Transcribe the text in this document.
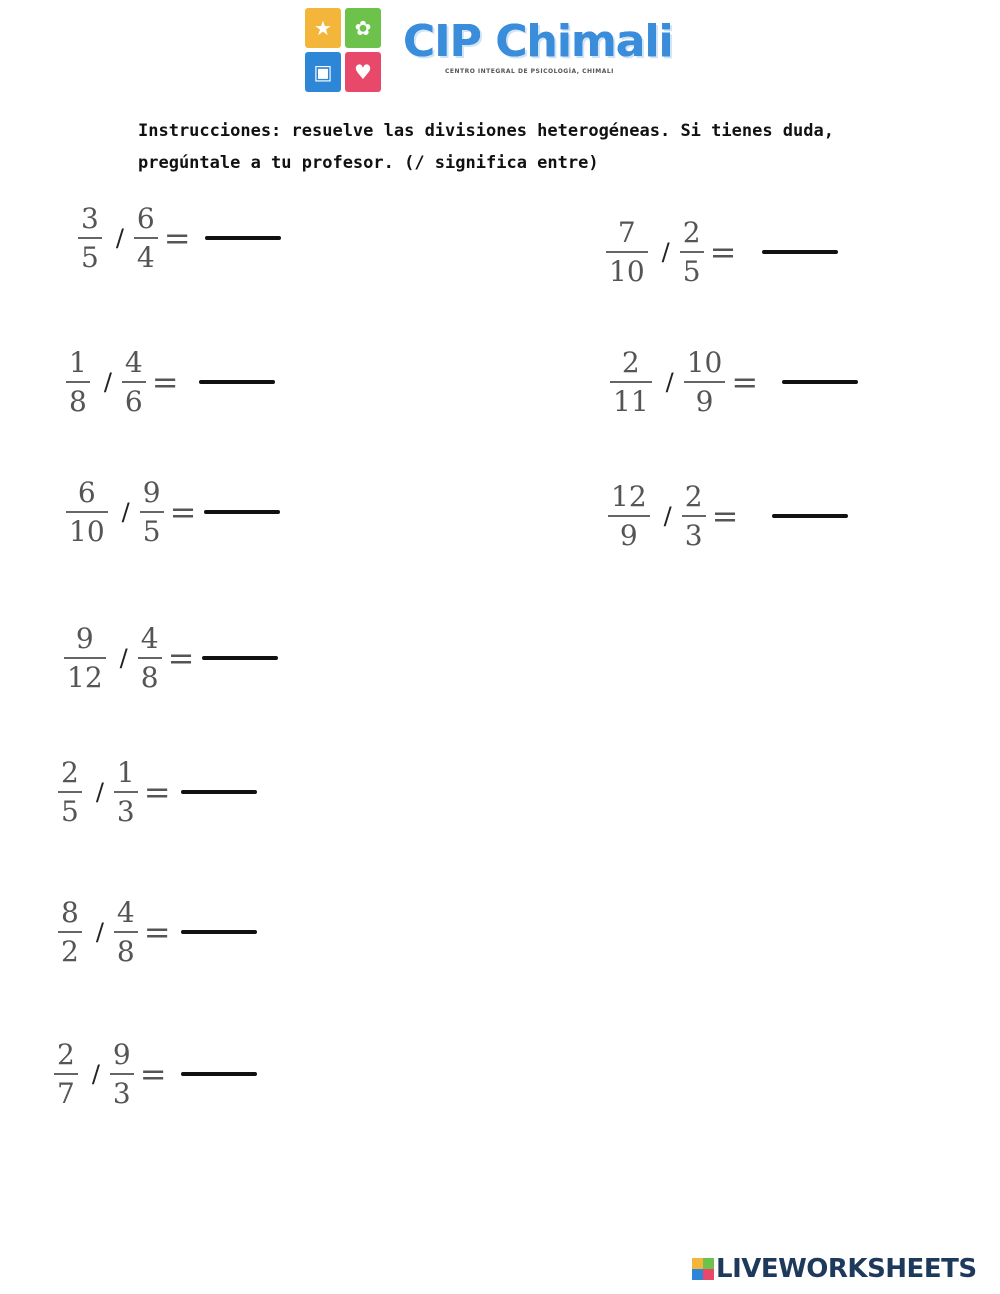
★	✿
▣	♥
CIP Chimali
CENTRO INTEGRAL DE PSICOLOGÍA, CHIMALI
Instrucciones: resuelve las divisiones heterogéneas. Si tienes duda,
pregúntale a tu profesor. (/ significa entre)
$\frac{3}{5} / \frac{6}{4}$ =	$\frac{7}{10} / \frac{2}{5}$ =
$\frac{1}{8} / \frac{4}{6}$ =	$\frac{2}{11} / \frac{10}{9}$ =
$\frac{6}{10} / \frac{9}{5}$ =	$\frac{12}{9} / \frac{2}{3}$ =
$\frac{9}{12} / \frac{4}{8}$ =
$\frac{2}{5} / \frac{1}{3}$ =
$\frac{8}{2} / \frac{4}{8}$ =
$\frac{2}{7} / \frac{9}{3}$ =
LIVEWORKSHEETS
